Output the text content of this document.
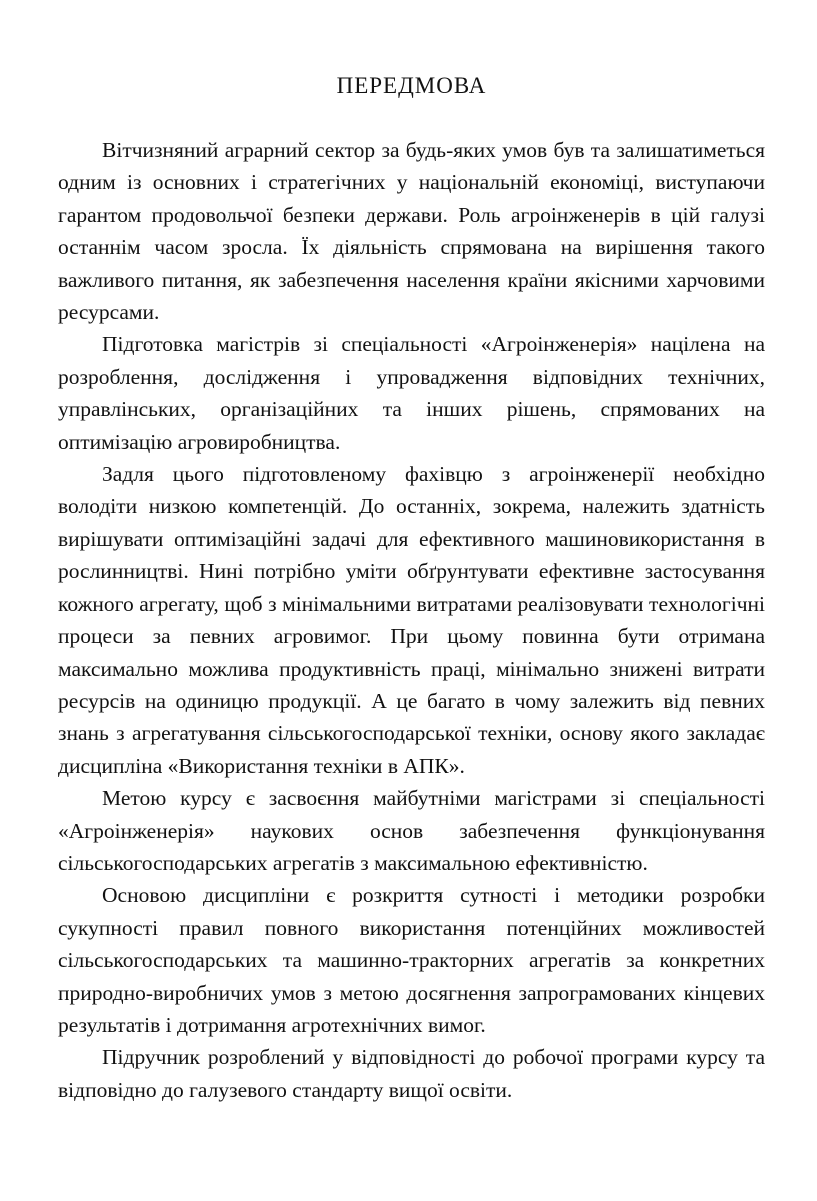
ПЕРЕДМОВА

Вітчизняний аграрний сектор за будь-яких умов був та залишатиметься одним із основних і стратегічних у національній економіці, виступаючи гарантом продовольчої безпеки держави. Роль агроінженерів в цій галузі останнім часом зросла. Їх діяльність спрямована на вирішення такого важливого питання, як забезпечення населення країни якісними харчовими ресурсами.

Підготовка магістрів зі спеціальності «Агроінженерія» націлена на розроблення, дослідження і упровадження відповідних технічних, управлінських, організаційних та інших рішень, спрямованих на оптимізацію агровиробництва.

Задля цього підготовленому фахівцю з агроінженерії необхідно володіти низкою компетенцій. До останніх, зокрема, належить здатність вирішувати оптимізаційні задачі для ефективного машиновикористання в рослинництві. Нині потрібно уміти обґрунтувати ефективне застосування кожного агрегату, щоб з мінімальними витратами реалізовувати технологічні процеси за певних агровимог. При цьому повинна бути отримана максимально можлива продуктивність праці, мінімально знижені витрати ресурсів на одиницю продукції. А це багато в чому залежить від певних знань з агрегатування сільськогосподарської техніки, основу якого закладає дисципліна «Використання техніки в АПК».

Метою курсу є засвоєння майбутніми магістрами зі спеціальності «Агроінженерія» наукових основ забезпечення функціонування сільськогосподарських агрегатів з максимальною ефективністю.

Основою дисципліни є розкриття сутності і методики розробки сукупності правил повного використання потенційних можливостей сільськогосподарських та машинно-тракторних агрегатів за конкретних природно-виробничих умов з метою досягнення запрограмованих кінцевих результатів і дотримання агротехнічних вимог.

Підручник розроблений у відповідності до робочої програми курсу та відповідно до галузевого стандарту вищої освіти.
